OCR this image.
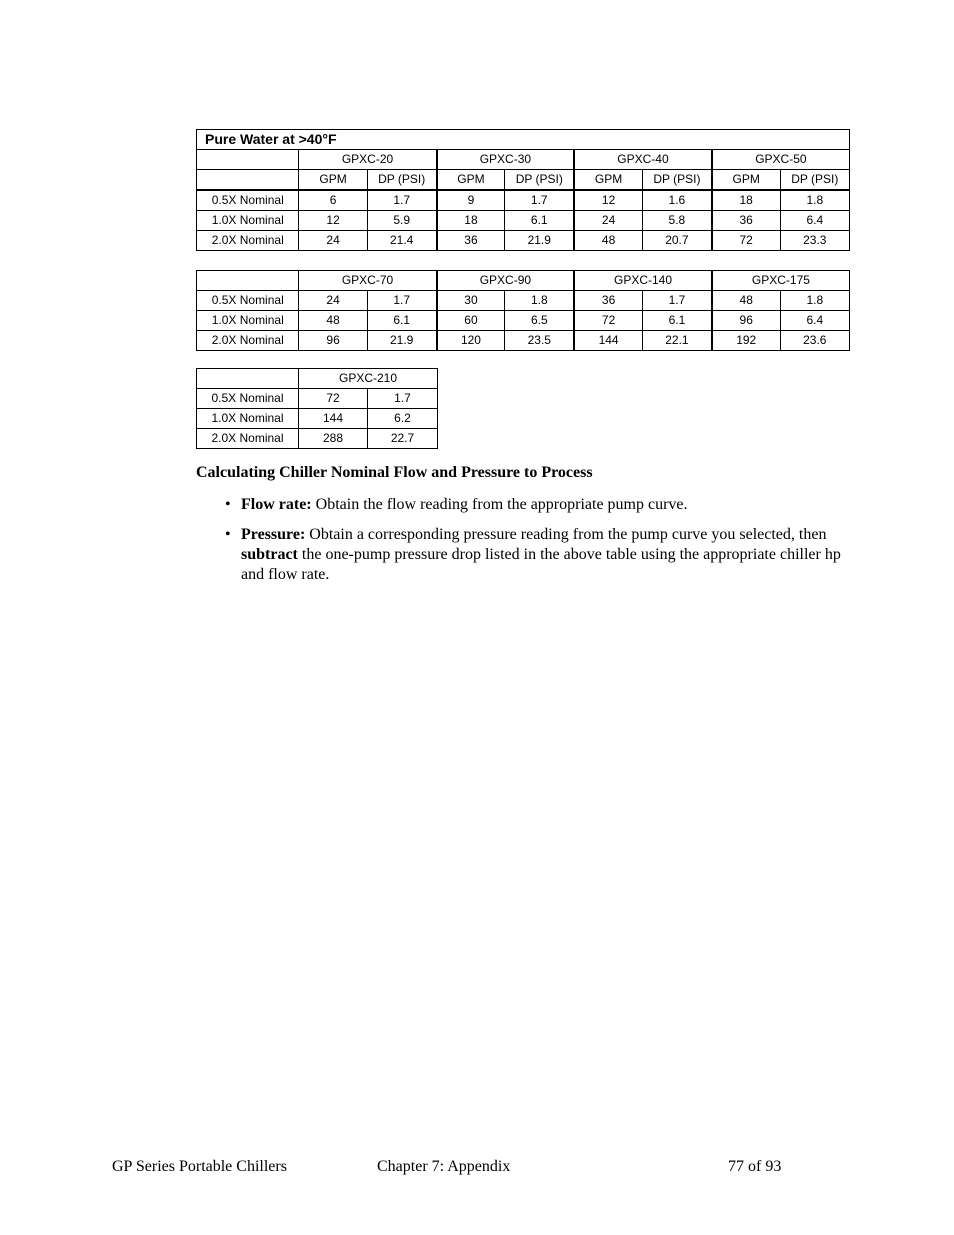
Pure Water at >40°F								
	GPXC-20		GPXC-30		GPXC-40		GPXC-50	
	GPM	DP (PSI)	GPM	DP (PSI)	GPM	DP (PSI)	GPM	DP (PSI)
0.5X Nominal	6	1.7	9	1.7	12	1.6	18	1.8
1.0X Nominal	12	5.9	18	6.1	24	5.8	36	6.4
2.0X Nominal	24	21.4	36	21.9	48	20.7	72	23.3
	GPXC-70		GPXC-90		GPXC-140		GPXC-175	
0.5X Nominal	24	1.7	30	1.8	36	1.7	48	1.8
1.0X Nominal	48	6.1	60	6.5	72	6.1	96	6.4
2.0X Nominal	96	21.9	120	23.5	144	22.1	192	23.6
	GPXC-210	
0.5X Nominal	72	1.7
1.0X Nominal	144	6.2
2.0X Nominal	288	22.7
Calculating Chiller Nominal Flow and Pressure to Process
• Flow rate: Obtain the flow reading from the appropriate pump curve.
• Pressure: Obtain a corresponding pressure reading from the pump curve you selected, then subtract the one-pump pressure drop listed in the above table using the appropriate chiller hp and flow rate.
GP Series Portable Chillers	Chapter 7: Appendix	77 of 93
